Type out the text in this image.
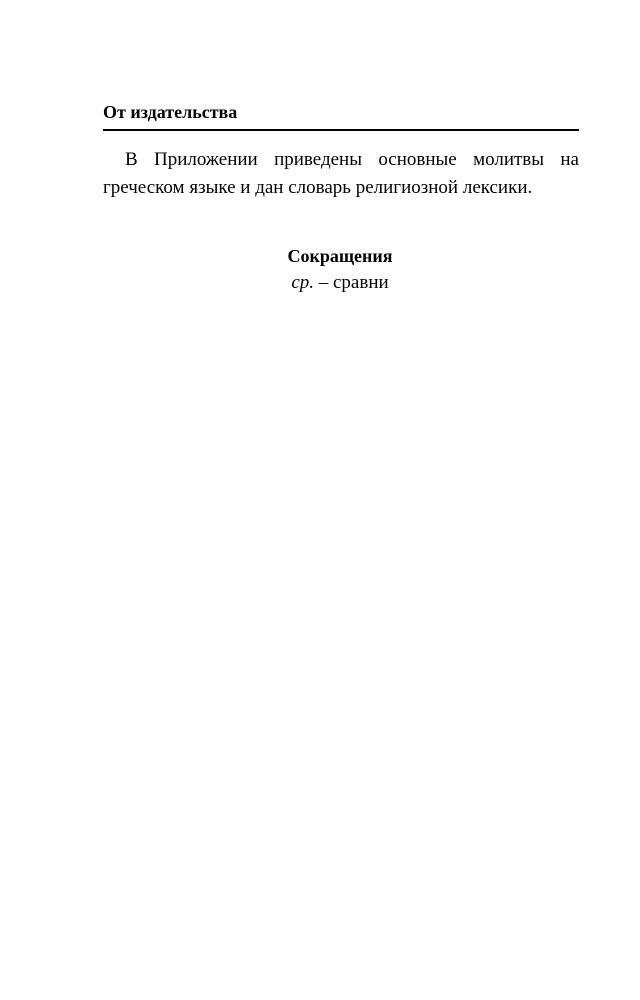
От издательства

В Приложении приведены основные молитвы на греческом языке и дан словарь религиозной лексики.

Сокращения

ср. – сравни
